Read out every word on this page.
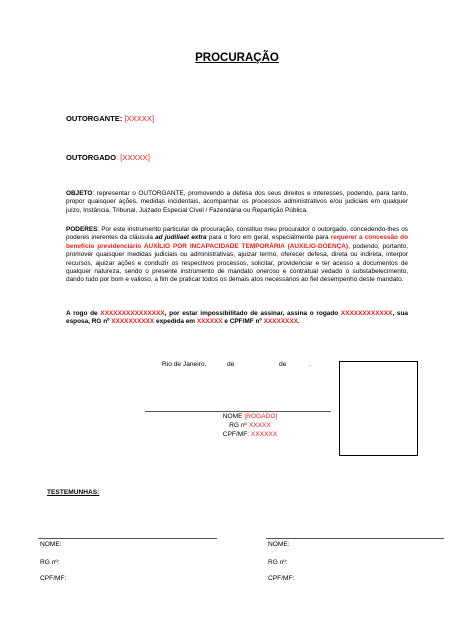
PROCURAÇÃO
OUTORGANTE: [XXXXX]
OUTORGADO: [XXXXX]
OBJETO: representar o OUTORGANTE, promovendo a defesa dos seus direitos e interesses, podendo, para tanto, propor quaisquer ações, medidas incidentais, acompanhar os processos administrativos e/ou judiciais em qualquer juízo, Instância, Tribunal, Juizado Especial Cível / Fazendária ou Repartição Pública.
PODERES: Por este instrumento particular de procuração, constituo meu procurador o outorgado, concedendo-lhes os poderes inerentes da cláusula ad judiliaet extra para o foro em geral, especialmente para requerer a concessão do benefício previdenciário AUXÍLIO POR INCAPACIDADE TEMPORÁRIA (AUXILIO-DOENÇA), podendo, portanto, promover quaisquer medidas judiciais ou administrativas, ajuizar termo, oferecer defesa, direta ou indireta, interpor recursos, ajuizar ações e conduzir os respectivos processos, solicitar, providenciar e ter acesso a documentos de qualquer natureza, sendo o presente instrumento de mandato oneroso e contratual vedado o substabelecimento, dando tudo por bom e valioso, a fim de praticar todos os demais atos necessários ao fiel desempenho deste mandato.
A rogo de XXXXXXXXXXXXXXX, por estar impossibilitado de assinar, assina o rogado XXXXXXXXXXXX, sua esposa, RG nº XXXXXXXXXX expedida em XXXXXX e CPF/MF nº XXXXXXXX.
Rio de Janeiro,	de	de	.
NOME [ROGADO]
RG nº XXXXX
CPF/MF: XXXXXX
TESTEMUNHAS:
NOME:
RG nº:
CPF/MF:
NOME:
RG nº:
CPF/MF:
